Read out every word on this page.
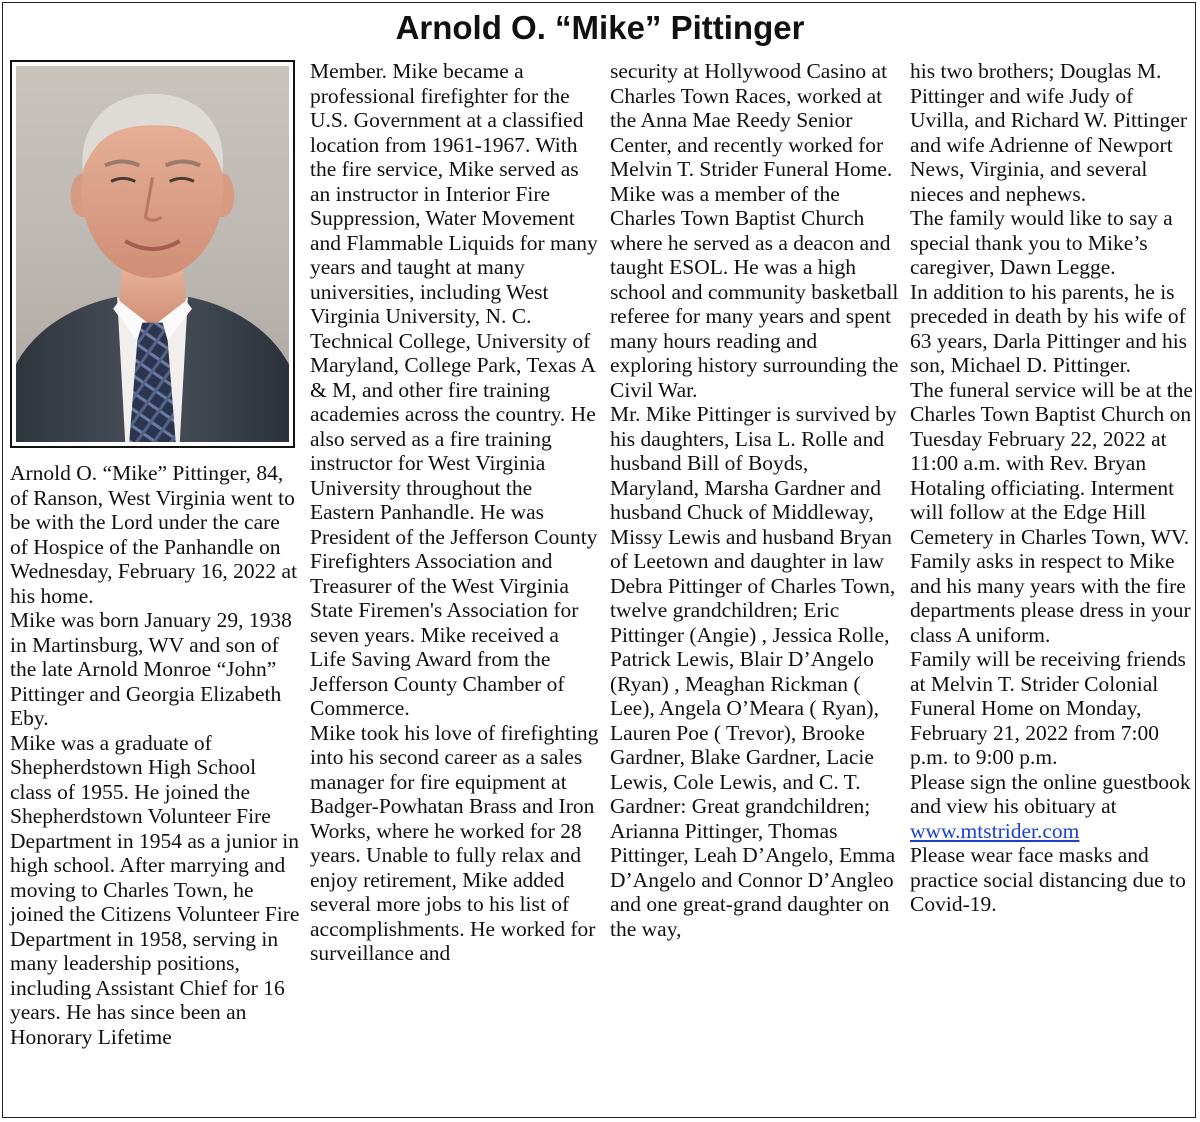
Arnold O. “Mike” Pittinger

Arnold O. “Mike” Pittinger, 84, of Ranson, West Virginia went to be with the Lord under the care of Hospice of the Panhandle on Wednesday, February 16, 2022 at his home.

Mike was born January 29, 1938 in Martinsburg, WV and son of the late Arnold Monroe “John” Pittinger and Georgia Elizabeth Eby.

Mike was a graduate of Shepherdstown High School class of 1955. He joined the Shepherdstown Volunteer Fire Department in 1954 as a junior in high school. After marrying and moving to Charles Town, he joined the Citizens Volunteer Fire Department in 1958, serving in many leadership positions, including Assistant Chief for 16 years. He has since been an Honorary Lifetime

Member. Mike became a professional firefighter for the U.S. Government at a classified location from 1961-1967. With the fire service, Mike served as an instructor in Interior Fire Suppression, Water Movement and Flammable Liquids for many years and taught at many universities, including West Virginia University, N. C. Technical College, University of Maryland, College Park, Texas A & M, and other fire training academies across the country. He also served as a fire training instructor for West Virginia University throughout the Eastern Panhandle. He was President of the Jefferson County Firefighters Association and Treasurer of the West Virginia State Firemen's Association for seven years. Mike received a Life Saving Award from the Jefferson County Chamber of Commerce.

Mike took his love of firefighting into his second career as a sales manager for fire equipment at Badger-Powhatan Brass and Iron Works, where he worked for 28 years. Unable to fully relax and enjoy retirement, Mike added several more jobs to his list of accomplishments. He worked for surveillance and

security at Hollywood Casino at Charles Town Races, worked at the Anna Mae Reedy Senior Center, and recently worked for Melvin T. Strider Funeral Home.

Mike was a member of the Charles Town Baptist Church where he served as a deacon and taught ESOL. He was a high school and community basketball referee for many years and spent many hours reading and exploring history surrounding the Civil War.

Mr. Mike Pittinger is survived by his daughters, Lisa L. Rolle and husband Bill of Boyds, Maryland, Marsha Gardner and husband Chuck of Middleway, Missy Lewis and husband Bryan of Leetown and daughter in law Debra Pittinger of Charles Town, twelve grandchildren; Eric Pittinger (Angie) , Jessica Rolle, Patrick Lewis, Blair D’Angelo (Ryan) , Meaghan Rickman ( Lee), Angela O’Meara ( Ryan), Lauren Poe ( Trevor), Brooke Gardner, Blake Gardner, Lacie Lewis, Cole Lewis, and C. T. Gardner: Great grandchildren; Arianna Pittinger, Thomas Pittinger, Leah D’Angelo, Emma D’Angelo and Connor D’Angleo and one great-grand daughter on the way,

his two brothers; Douglas M. Pittinger and wife Judy of Uvilla, and Richard W. Pittinger and wife Adrienne of Newport News, Virginia, and several nieces and nephews.

The family would like to say a special thank you to Mike’s caregiver, Dawn Legge.

In addition to his parents, he is preceded in death by his wife of 63 years, Darla Pittinger and his son, Michael D. Pittinger.

The funeral service will be at the Charles Town Baptist Church on Tuesday February 22, 2022 at 11:00 a.m. with Rev. Bryan Hotaling officiating. Interment will follow at the Edge Hill Cemetery in Charles Town, WV.

Family asks in respect to Mike and his many years with the fire departments please dress in your class A uniform.

Family will be receiving friends at Melvin T. Strider Colonial Funeral Home on Monday, February 21, 2022 from 7:00 p.m. to 9:00 p.m.

Please sign the online guestbook and view his obituary at

www.mtstrider.com

Please wear face masks and practice social distancing due to Covid-19.
